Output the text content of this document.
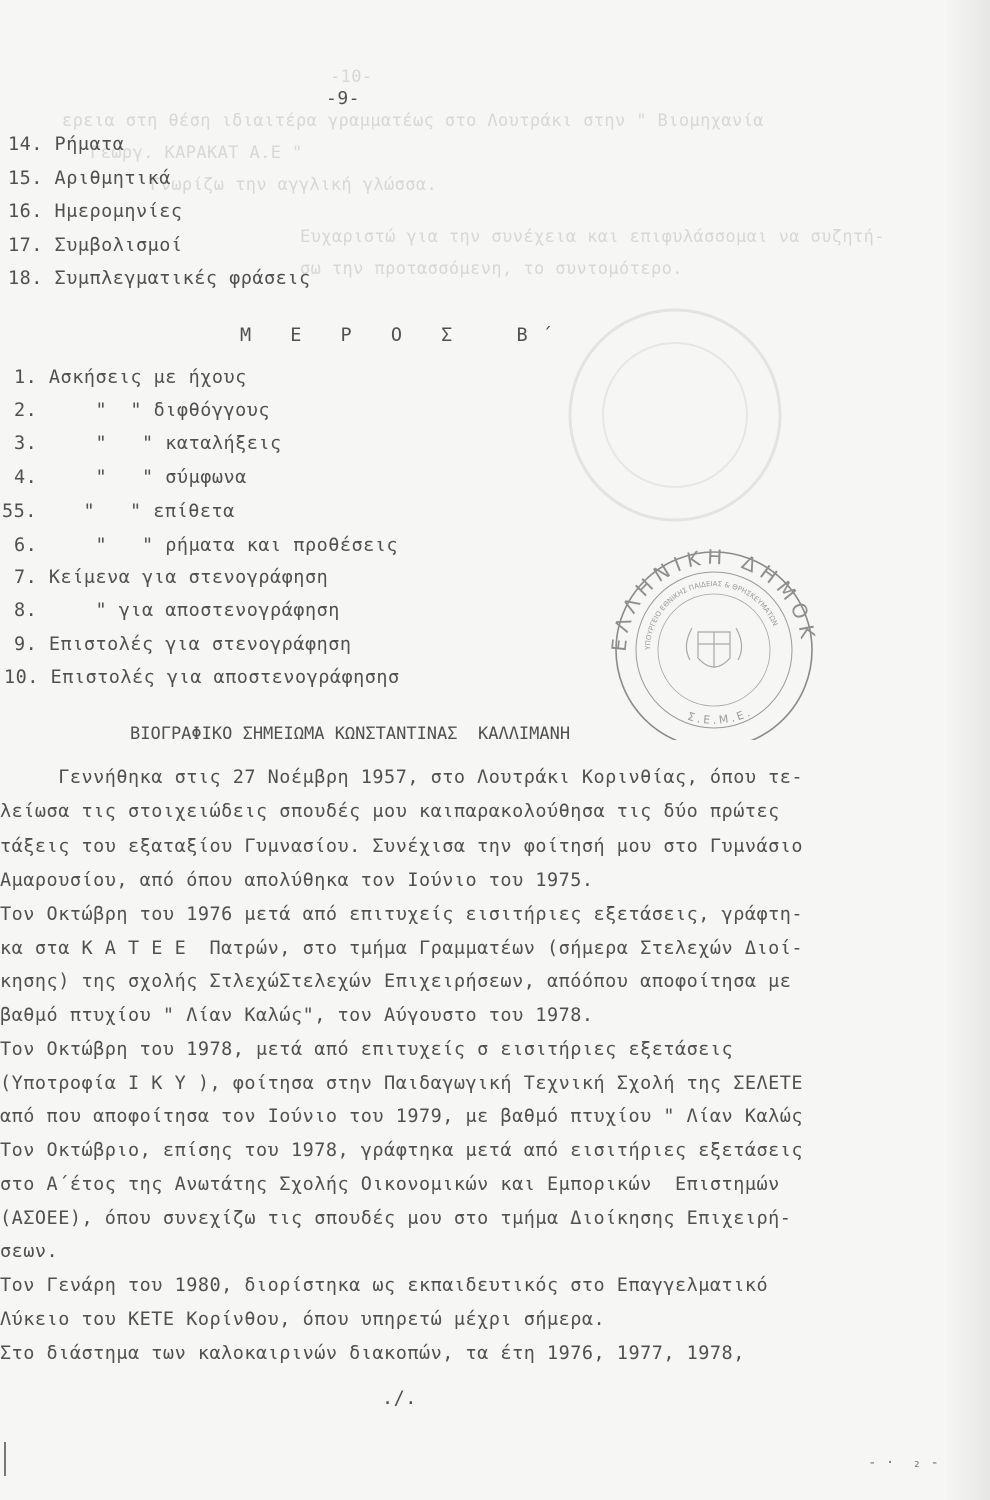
-10-
ερεια στη θέση ιδιαιτέρα γραμματέως στο Λουτράκι στην " Βιομηχανία
Γεωργ. ΚΑΡΑΚΑΤ Α.Ε "
Γνωρίζω την αγγλική γλώσσα.
Ευχαριστώ για την συνέχεια και επιφυλάσσομαι να συζητή-
σω την προτασσόμενη, το συντομότερο.
-9-
14. Ρήματα
15. Αριθμητικά
16. Ημερομηνίες
17. Συμβολισμοί
18. Συμπλεγματικές φράσεις
Μ Ε Ρ Ο Σ  Β΄
1. Ασκήσεις με ήχους
2.     "  " διφθόγγους
3.     "   " καταλήξεις
4.     "   " σύμφωνα
55.    "   " επίθετα
6.     "   " ρήματα και προθέσεις
7. Κείμενα για στενογράφηση
8.     " για αποστενογράφηση
9. Επιστολές για στενογράφηση
10. Επιστολές για αποστενογράφησησ
ΕΛΛΗΝΙΚΗ ΔΗΜΟΚ
ΥΠΟΥΡΓΕΙΟ ΕΘΝΙΚΗΣ ΠΑΙΔΕΙΑΣ & ΘΡΗΣΚΕΥΜΑΤΩΝ
Σ.Ε.Μ.Ε.
ΒΙΟΓΡΑΦΙΚΟ ΣΗΜΕΙΩΜΑ ΚΩΝΣΤΑΝΤΙΝΑΣ  ΚΑΛΛΙΜΑΝΗ
Γεννήθηκα στις 27 Νοέμβρη 1957, στο Λουτράκι Κορινθίας, όπου τε-
λείωσα τις στοιχειώδεις σπουδές μου καιπαρακολούθησα τις δύο πρώτες
τάξεις του εξαταξίου Γυμνασίου. Συνέχισα την φοίτησή μου στο Γυμνάσιο
Αμαρουσίου, από όπου απολύθηκα τον Ιούνιο του 1975.
Τον Οκτώβρη του 1976 μετά από επιτυχείς εισιτήριες εξετάσεις, γράφτη-
κα στα Κ Α Τ Ε Ε  Πατρών, στο τμήμα Γραμματέων (σήμερα Στελεχών Διοί-
κησης) της σχολής ΣτλεχώΣτελεχών Επιχειρήσεων, απόόπου αποφοίτησα με
βαθμό πτυχίου " Λίαν Καλώς", τον Αύγουστο του 1978.
Τον Οκτώβρη του 1978, μετά από επιτυχείς σ εισιτήριες εξετάσεις
(Υποτροφία Ι Κ Υ ), φοίτησα στην Παιδαγωγική Τεχνική Σχολή της ΣΕΛΕΤΕ
από που αποφοίτησα τον Ιούνιο του 1979, με βαθμό πτυχίου " Λίαν Καλώς
Τον Οκτώβριο, επίσης του 1978, γράφτηκα μετά από εισιτήριες εξετάσεις
στο Α΄έτος της Ανωτάτης Σχολής Οικονομικών και Εμπορικών  Επιστημών
(ΑΣΟΕΕ), όπου συνεχίζω τις σπουδές μου στο τμήμα Διοίκησης Επιχειρή-
σεων.
Τον Γενάρη του 1980, διορίστηκα ως εκπαιδευτικός στο Επαγγελματικό
Λύκειο του ΚΕΤΕ Κορίνθου, όπου υπηρετώ μέχρι σήμερα.
Στο διάστημα των καλοκαιρινών διακοπών, τα έτη 1976, 1977, 1978,
./.
- ·  ₂ -
